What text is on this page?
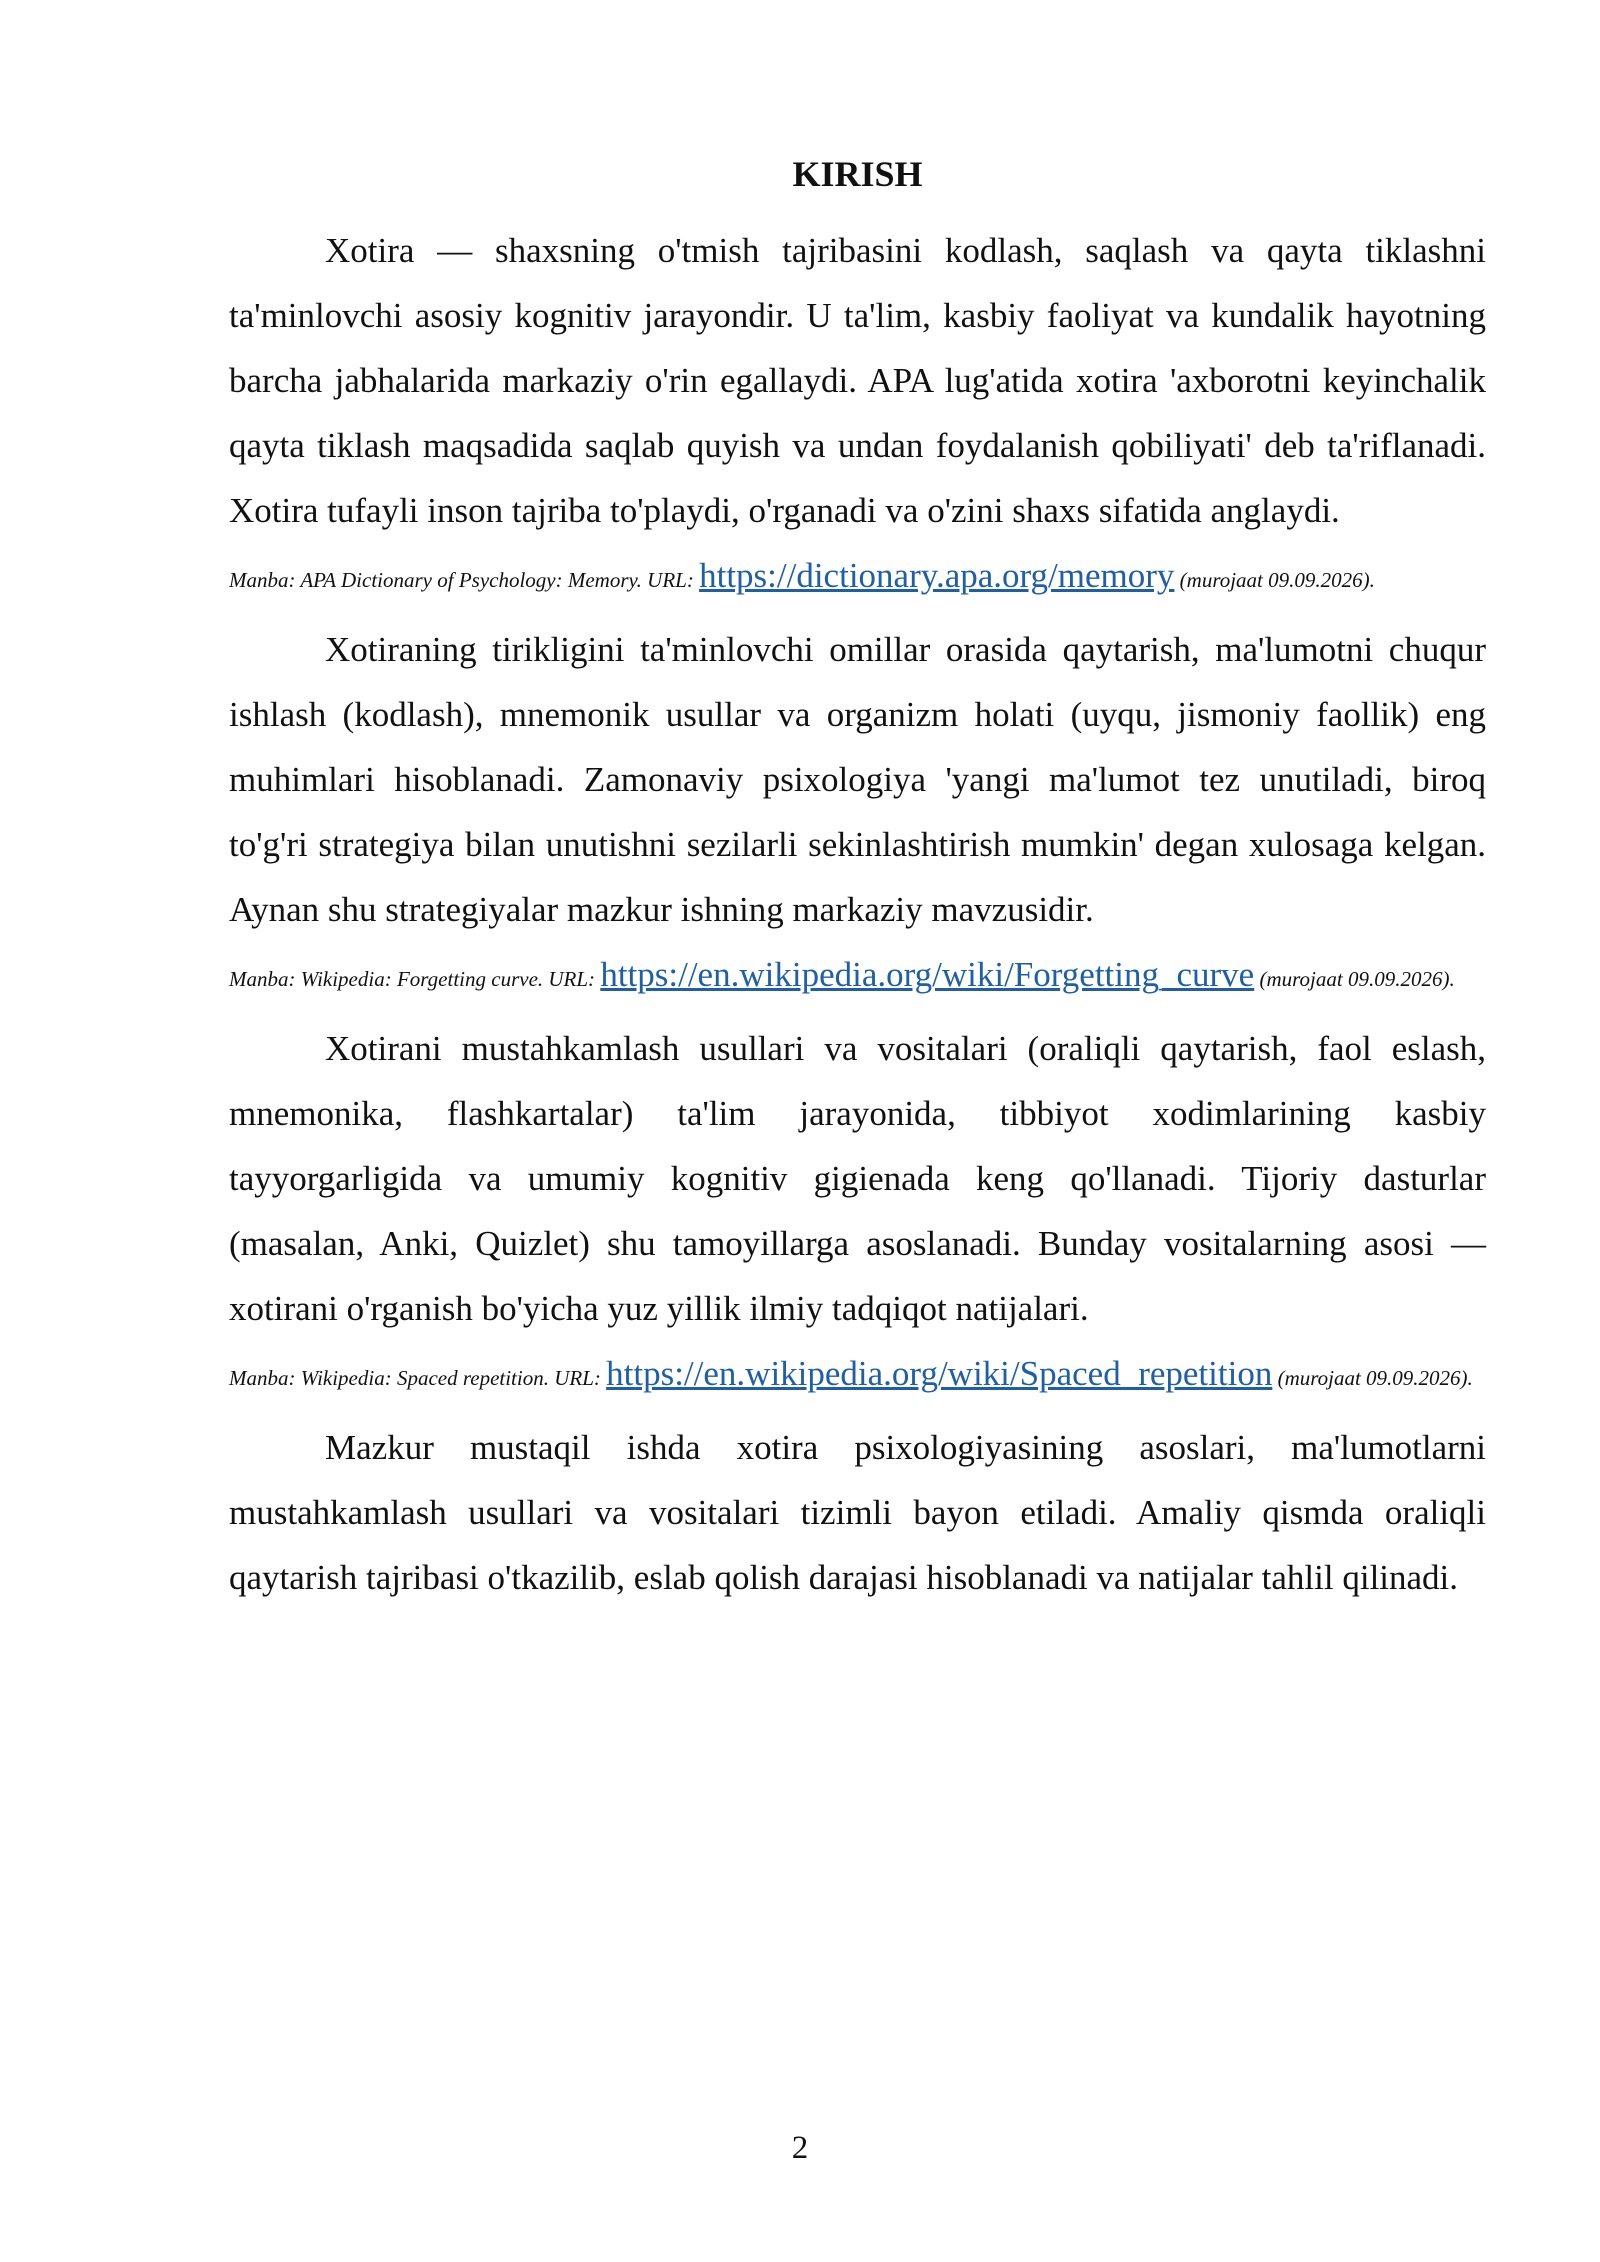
KIRISH

Xotira — shaxsning o'tmish tajribasini kodlash, saqlash va qayta tiklashni ta'minlovchi asosiy kognitiv jarayondir. U ta'lim, kasbiy faoliyat va kundalik hayotning barcha jabhalarida markaziy o'rin egallaydi. APA lug'atida xotira 'axborotni keyinchalik qayta tiklash maqsadida saqlab quyish va undan foydalanish qobiliyati' deb ta'riflanadi. Xotira tufayli inson tajriba to'playdi, o'rganadi va o'zini shaxs sifatida anglaydi.

Manba: APA Dictionary of Psychology: Memory. URL: https://dictionary.apa.org/memory (murojaat 09.09.2026).

Xotiraning tirikligini ta'minlovchi omillar orasida qaytarish, ma'lumotni chuqur ishlash (kodlash), mnemonik usullar va organizm holati (uyqu, jismoniy faollik) eng muhimlari hisoblanadi. Zamonaviy psixologiya 'yangi ma'lumot tez unutiladi, biroq to'g'ri strategiya bilan unutishni sezilarli sekinlashtirish mumkin' degan xulosaga kelgan. Aynan shu strategiyalar mazkur ishning markaziy mavzusidir.

Manba: Wikipedia: Forgetting curve. URL: https://en.wikipedia.org/wiki/Forgetting_curve (murojaat 09.09.2026).

Xotirani mustahkamlash usullari va vositalari (oraliqli qaytarish, faol eslash, mnemonika, flashkartalar) ta'lim jarayonida, tibbiyot xodimlarining kasbiy tayyorgarligida va umumiy kognitiv gigienada keng qo'llanadi. Tijoriy dasturlar (masalan, Anki, Quizlet) shu tamoyillarga asoslanadi. Bunday vositalarning asosi — xotirani o'rganish bo'yicha yuz yillik ilmiy tadqiqot natijalari.

Manba: Wikipedia: Spaced repetition. URL: https://en.wikipedia.org/wiki/Spaced_repetition (murojaat 09.09.2026).

Mazkur mustaqil ishda xotira psixologiyasining asoslari, ma'lumotlarni mustahkamlash usullari va vositalari tizimli bayon etiladi. Amaliy qismda oraliqli qaytarish tajribasi o'tkazilib, eslab qolish darajasi hisoblanadi va natijalar tahlil qilinadi.

2
